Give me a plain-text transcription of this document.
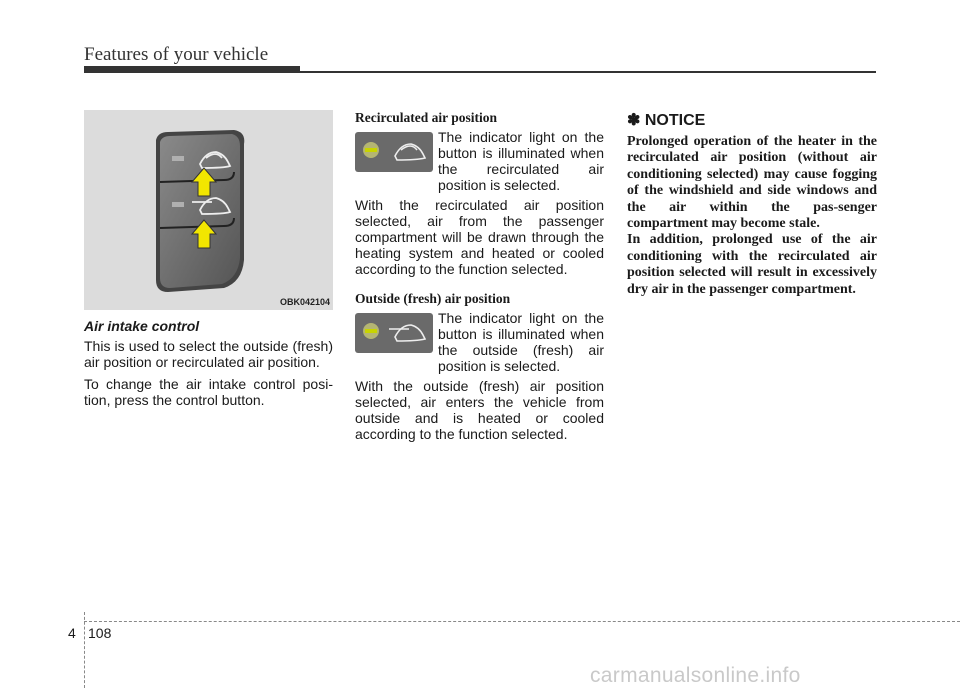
Features of your vehicle
OBK042104
Air intake control

This is used to select the outside (fresh) air position or recirculated air position.

To change the air intake control posi-tion, press the control button.

Recirculated air position
The indicator light on the button is illuminated when the recirculated air position is selected.

With the recirculated air position selected, air from the passenger compartment will be drawn through the heating system and heated or cooled according to the function selected.

Outside (fresh) air position
The indicator light on the button is illuminated when the outside (fresh) air position is selected.

With the outside (fresh) air position selected, air enters the vehicle from outside and is heated or cooled according to the function selected.

✽ NOTICE

Prolonged operation of the heater in the recirculated air position (without air conditioning selected) may cause fogging of the windshield and side windows and the air within the pas-senger compartment may become stale.

In addition, prolonged use of the air conditioning with the recirculated air position selected will result in excessively dry air in the passenger compartment.

4 108
carmanualsonline.info
